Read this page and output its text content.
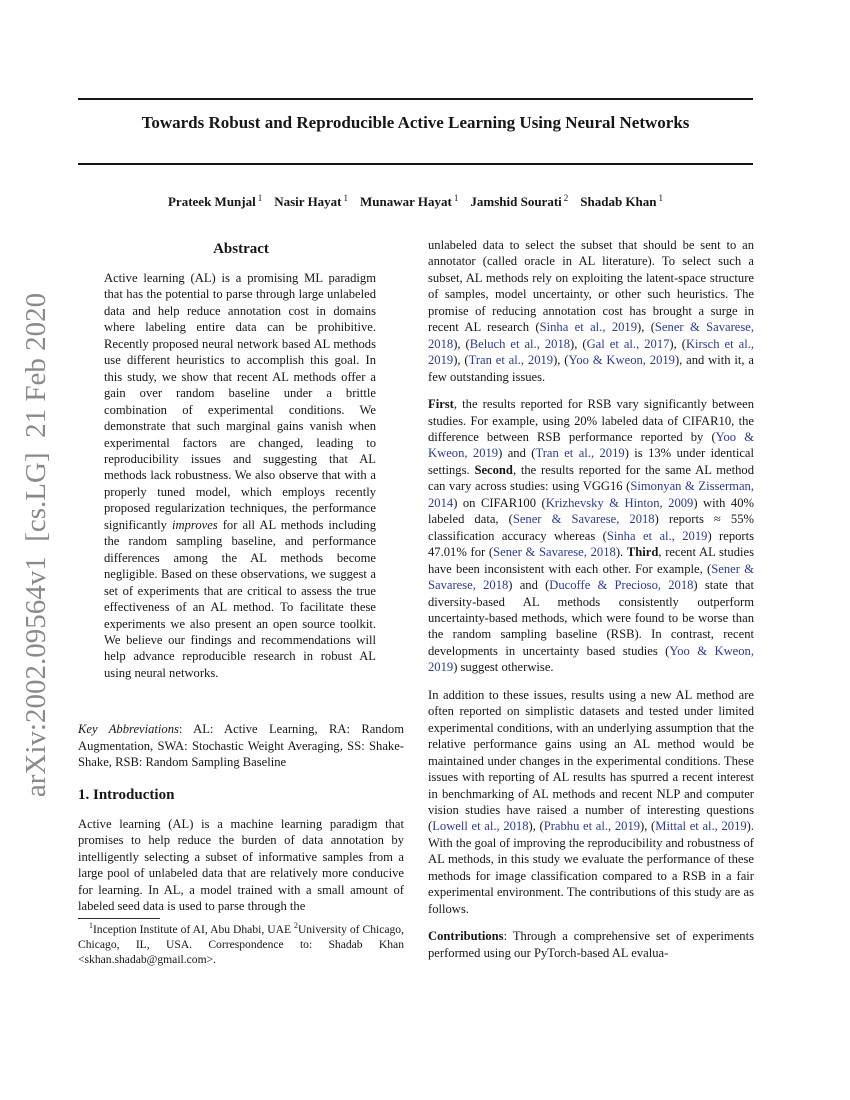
arXiv:2002.09564v1  [cs.LG]  21 Feb 2020
Towards Robust and Reproducible Active Learning Using Neural Networks
Prateek Munjal $^1$ Nasir Hayat $^1$ Munawar Hayat $^1$ Jamshid Sourati $^2$ Shadab Khan $^1$
Abstract

Active learning (AL) is a promising ML paradigm that has the potential to parse through large unlabeled data and help reduce annotation cost in domains where labeling entire data can be prohibitive. Recently proposed neural network based AL methods use different heuristics to accomplish this goal. In this study, we show that recent AL methods offer a gain over random baseline under a brittle combination of experimental conditions. We demonstrate that such marginal gains vanish when experimental factors are changed, leading to reproducibility issues and suggesting that AL methods lack robustness. We also observe that with a properly tuned model, which employs recently proposed regularization techniques, the performance significantly improves for all AL methods including the random sampling baseline, and performance differences among the AL methods become negligible. Based on these observations, we suggest a set of experiments that are critical to assess the true effectiveness of an AL method. To facilitate these experiments we also present an open source toolkit. We believe our findings and recommendations will help advance reproducible research in robust AL using neural networks.

Key Abbreviations: AL: Active Learning, RA: Random Augmentation, SWA: Stochastic Weight Averaging, SS: Shake-Shake, RSB: Random Sampling Baseline

1. Introduction

Active learning (AL) is a machine learning paradigm that promises to help reduce the burden of data annotation by intelligently selecting a subset of informative samples from a large pool of unlabeled data that are relatively more conducive for learning. In AL, a model trained with a small amount of labeled seed data is used to parse through the

$^1$Inception Institute of AI, Abu Dhabi, UAE $^2$University of Chicago, Chicago, IL, USA. Correspondence to: Shadab Khan <skhan.shadab@gmail.com>.

unlabeled data to select the subset that should be sent to an annotator (called oracle in AL literature). To select such a subset, AL methods rely on exploiting the latent-space structure of samples, model uncertainty, or other such heuristics. The promise of reducing annotation cost has brought a surge in recent AL research (Sinha et al., 2019), (Sener & Savarese, 2018), (Beluch et al., 2018), (Gal et al., 2017), (Kirsch et al., 2019), (Tran et al., 2019), (Yoo & Kweon, 2019), and with it, a few outstanding issues.

First, the results reported for RSB vary significantly between studies. For example, using 20% labeled data of CIFAR10, the difference between RSB performance reported by (Yoo & Kweon, 2019) and (Tran et al., 2019) is 13% under identical settings. Second, the results reported for the same AL method can vary across studies: using VGG16 (Simonyan & Zisserman, 2014) on CIFAR100 (Krizhevsky & Hinton, 2009) with 40% labeled data, (Sener & Savarese, 2018) reports ≈ 55% classification accuracy whereas (Sinha et al., 2019) reports 47.01% for (Sener & Savarese, 2018). Third, recent AL studies have been inconsistent with each other. For example, (Sener & Savarese, 2018) and (Ducoffe & Precioso, 2018) state that diversity-based AL methods consistently outperform uncertainty-based methods, which were found to be worse than the random sampling baseline (RSB). In contrast, recent developments in uncertainty based studies (Yoo & Kweon, 2019) suggest otherwise.

In addition to these issues, results using a new AL method are often reported on simplistic datasets and tested under limited experimental conditions, with an underlying assumption that the relative performance gains using an AL method would be maintained under changes in the experimental conditions. These issues with reporting of AL results has spurred a recent interest in benchmarking of AL methods and recent NLP and computer vision studies have raised a number of interesting questions (Lowell et al., 2018), (Prabhu et al., 2019), (Mittal et al., 2019). With the goal of improving the reproducibility and robustness of AL methods, in this study we evaluate the performance of these methods for image classification compared to a RSB in a fair experimental environment. The contributions of this study are as follows.

Contributions: Through a comprehensive set of experiments performed using our PyTorch-based AL evalua-
